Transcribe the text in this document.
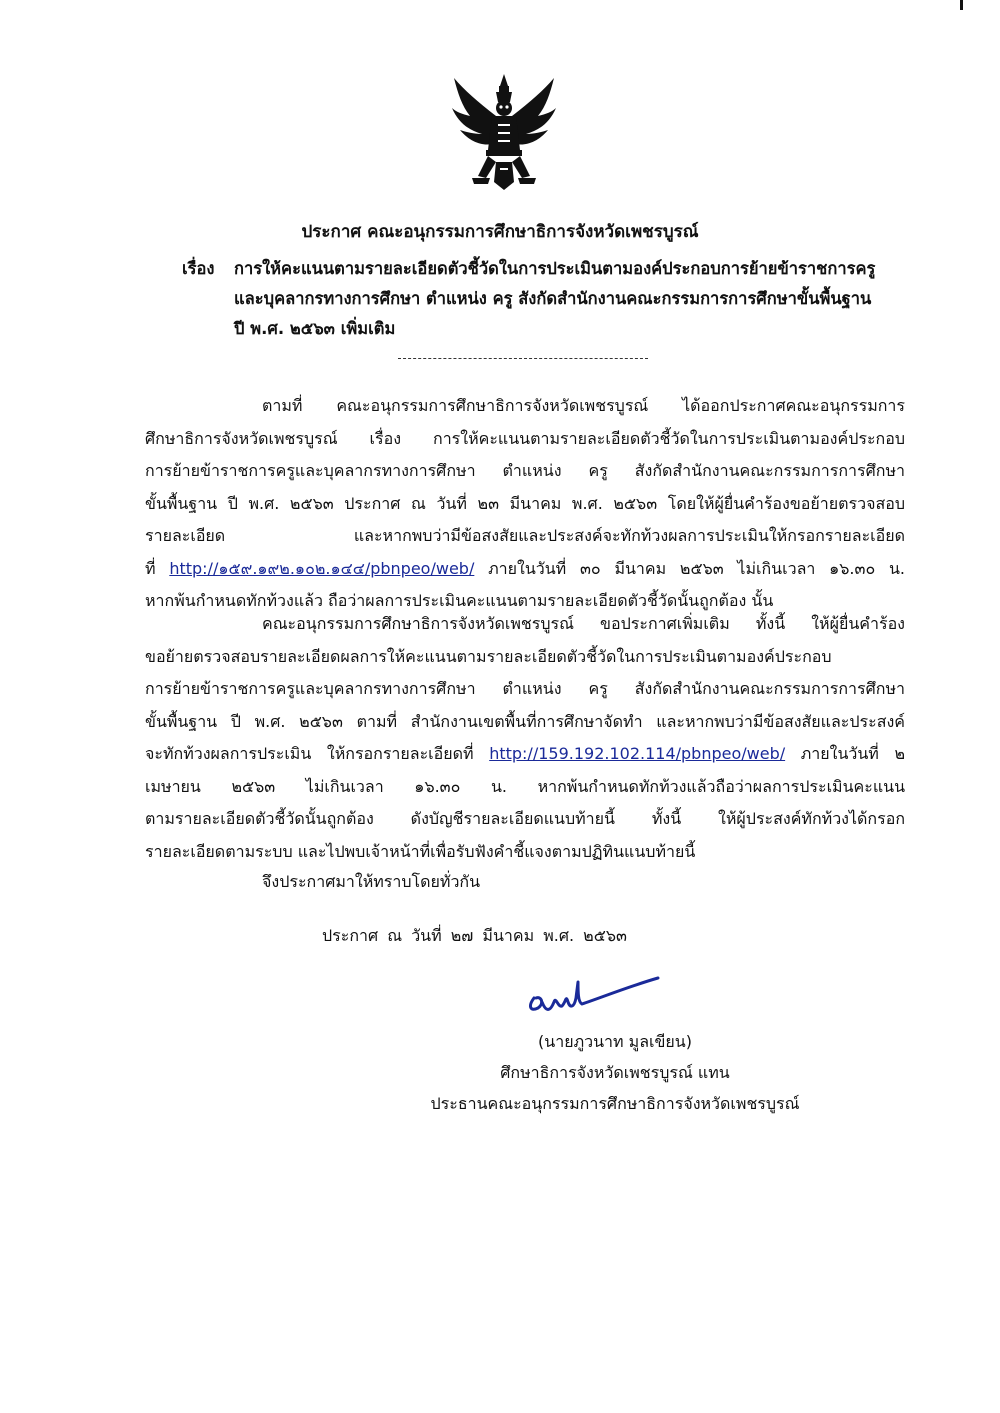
ประกาศ คณะอนุกรรมการศึกษาธิการจังหวัดเพชรบูรณ์
เรื่อง การให้คะแนนตามรายละเอียดตัวชี้วัดในการประเมินตามองค์ประกอบการย้ายข้าราชการครู
และบุคลากรทางการศึกษา ตำแหน่ง ครู สังกัดสำนักงานคณะกรรมการการศึกษาขั้นพื้นฐาน
ปี พ.ศ. ๒๕๖๓ เพิ่มเติม
ตามที่ คณะอนุกรรมการศึกษาธิการจังหวัดเพชรบูรณ์ ได้ออกประกาศคณะอนุกรรมการ
ศึกษาธิการจังหวัดเพชรบูรณ์ เรื่อง การให้คะแนนตามรายละเอียดตัวชี้วัดในการประเมินตามองค์ประกอบ
การย้ายข้าราชการครูและบุคลากรทางการศึกษา ตำแหน่ง ครู สังกัดสำนักงานคณะกรรมการการศึกษา
ขั้นพื้นฐาน ปี พ.ศ. ๒๕๖๓ ประกาศ ณ วันที่ ๒๓ มีนาคม พ.ศ. ๒๕๖๓ โดยให้ผู้ยื่นคำร้องขอย้ายตรวจสอบ
รายละเอียด และหากพบว่ามีข้อสงสัยและประสงค์จะทักท้วงผลการประเมินให้กรอกรายละเอียด
ที่ http://๑๕๙.๑๙๒.๑๐๒.๑๔๔/pbnpeo/web/ ภายในวันที่ ๓๐ มีนาคม ๒๕๖๓ ไม่เกินเวลา ๑๖.๓๐ น.
หากพ้นกำหนดทักท้วงแล้ว ถือว่าผลการประเมินคะแนนตามรายละเอียดตัวชี้วัดนั้นถูกต้อง นั้น
คณะอนุกรรมการศึกษาธิการจังหวัดเพชรบูรณ์ ขอประกาศเพิ่มเติม ทั้งนี้ ให้ผู้ยื่นคำร้อง
ขอย้ายตรวจสอบรายละเอียดผลการให้คะแนนตามรายละเอียดตัวชี้วัดในการประเมินตามองค์ประกอบ
การย้ายข้าราชการครูและบุคลากรทางการศึกษา ตำแหน่ง ครู สังกัดสำนักงานคณะกรรมการการศึกษา
ขั้นพื้นฐาน ปี พ.ศ. ๒๕๖๓ ตามที่ สำนักงานเขตพื้นที่การศึกษาจัดทำ และหากพบว่ามีข้อสงสัยและประสงค์
จะทักท้วงผลการประเมิน ให้กรอกรายละเอียดที่ http://159.192.102.114/pbnpeo/web/ ภายในวันที่ ๒
เมษายน ๒๕๖๓ ไม่เกินเวลา ๑๖.๓๐ น. หากพ้นกำหนดทักท้วงแล้วถือว่าผลการประเมินคะแนน
ตามรายละเอียดตัวชี้วัดนั้นถูกต้อง ดังบัญชีรายละเอียดแนบท้ายนี้ ทั้งนี้ ให้ผู้ประสงค์ทักท้วงได้กรอก
รายละเอียดตามระบบ และไปพบเจ้าหน้าที่เพื่อรับฟังคำชี้แจงตามปฏิทินแนบท้ายนี้
จึงประกาศมาให้ทราบโดยทั่วกัน
ประกาศ ณ วันที่ ๒๗ มีนาคม พ.ศ. ๒๕๖๓
(นายภูวนาท มูลเขียน)
ศึกษาธิการจังหวัดเพชรบูรณ์ แทน
ประธานคณะอนุกรรมการศึกษาธิการจังหวัดเพชรบูรณ์
